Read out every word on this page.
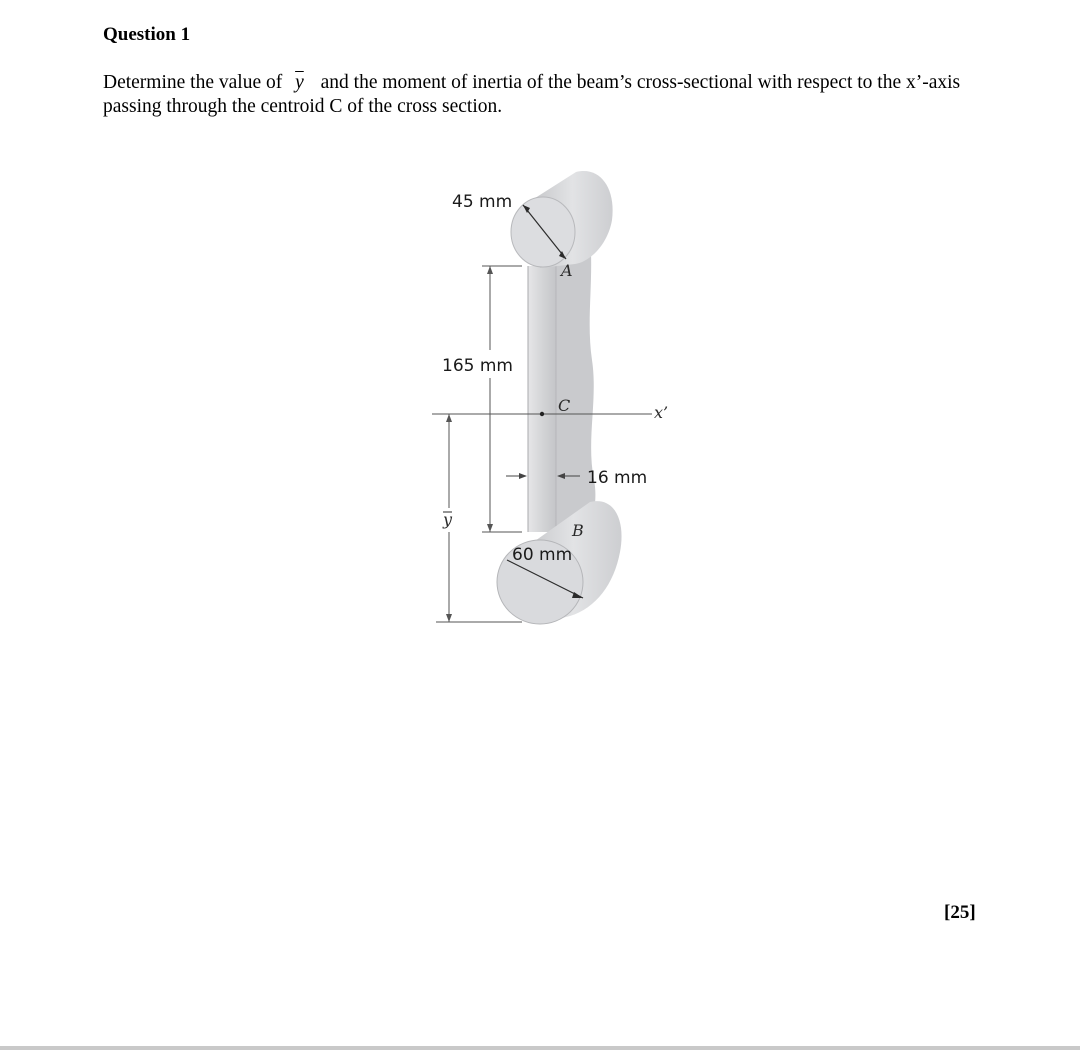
Question 1
Determine the value of $\overline{y}$ and the moment of inertia of the beam’s cross-sectional with respect to the x’-axis passing through the centroid C of the cross section.
45 mm
165 mm
16 mm
60 mm
A
C
B
x’
y
[25]
